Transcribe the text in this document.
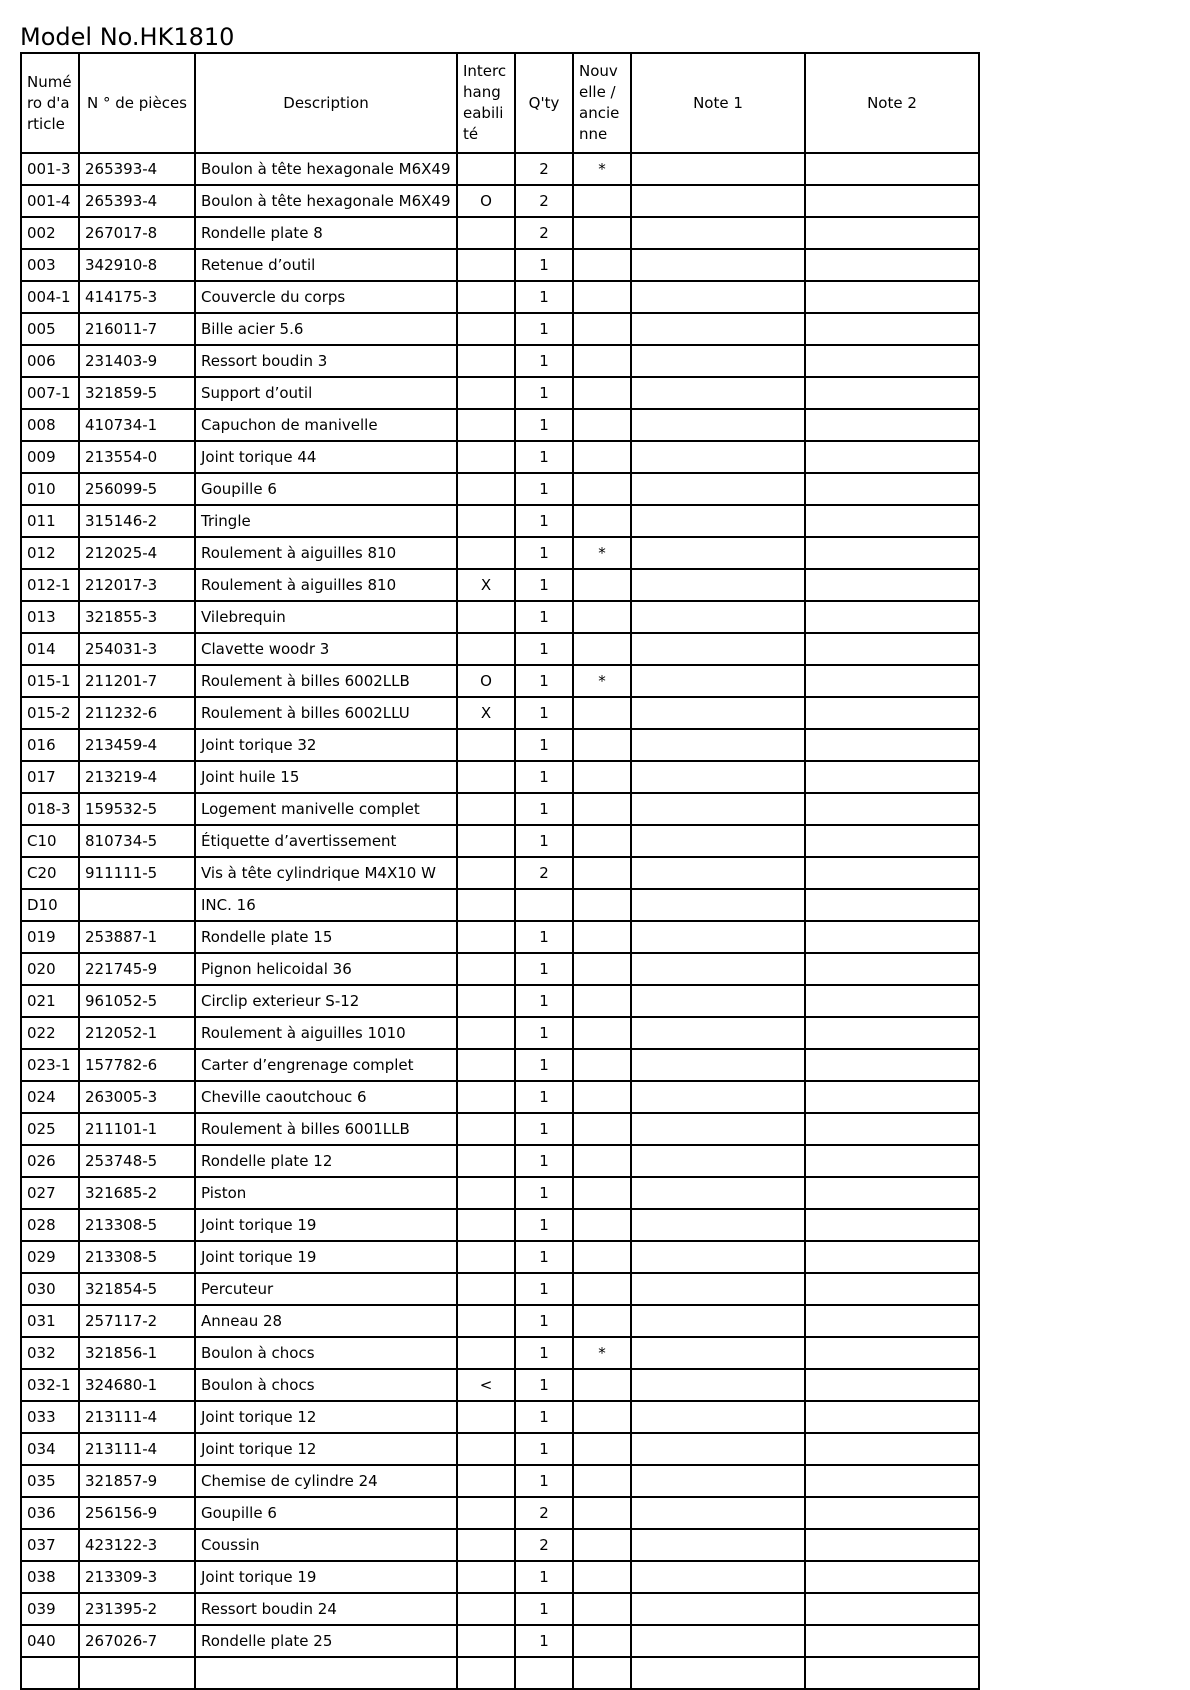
Model No.HK1810
Numéro d'article	N ° de pièces	Description	Interchangeabilité	Q'ty	Nouvelle / ancienne	Note 1	Note 2
001-3	265393-4	Boulon à tête hexagonale M6X49		2	*		
001-4	265393-4	Boulon à tête hexagonale M6X49	O	2			
002	267017-8	Rondelle plate 8		2			
003	342910-8	Retenue d’outil		1			
004-1	414175-3	Couvercle du corps		1			
005	216011-7	Bille acier 5.6		1			
006	231403-9	Ressort boudin 3		1			
007-1	321859-5	Support d’outil		1			
008	410734-1	Capuchon de manivelle		1			
009	213554-0	Joint torique 44		1			
010	256099-5	Goupille 6		1			
011	315146-2	Tringle		1			
012	212025-4	Roulement à aiguilles 810		1	*		
012-1	212017-3	Roulement à aiguilles 810	X	1			
013	321855-3	Vilebrequin		1			
014	254031-3	Clavette woodr 3		1			
015-1	211201-7	Roulement à billes 6002LLB	O	1	*		
015-2	211232-6	Roulement à billes 6002LLU	X	1			
016	213459-4	Joint torique 32		1			
017	213219-4	Joint huile 15		1			
018-3	159532-5	Logement manivelle complet		1			
C10	810734-5	Étiquette d’avertissement		1			
C20	911111-5	Vis à tête cylindrique M4X10 W		2			
D10		INC. 16					
019	253887-1	Rondelle plate 15		1			
020	221745-9	Pignon helicoidal 36		1			
021	961052-5	Circlip exterieur S-12		1			
022	212052-1	Roulement à aiguilles 1010		1			
023-1	157782-6	Carter d’engrenage complet		1			
024	263005-3	Cheville caoutchouc 6		1			
025	211101-1	Roulement à billes 6001LLB		1			
026	253748-5	Rondelle plate 12		1			
027	321685-2	Piston		1			
028	213308-5	Joint torique 19		1			
029	213308-5	Joint torique 19		1			
030	321854-5	Percuteur		1			
031	257117-2	Anneau 28		1			
032	321856-1	Boulon à chocs		1	*		
032-1	324680-1	Boulon à chocs	<	1			
033	213111-4	Joint torique 12		1			
034	213111-4	Joint torique 12		1			
035	321857-9	Chemise de cylindre 24		1			
036	256156-9	Goupille 6		2			
037	423122-3	Coussin		2			
038	213309-3	Joint torique 19		1			
039	231395-2	Ressort boudin 24		1			
040	267026-7	Rondelle plate 25		1			
